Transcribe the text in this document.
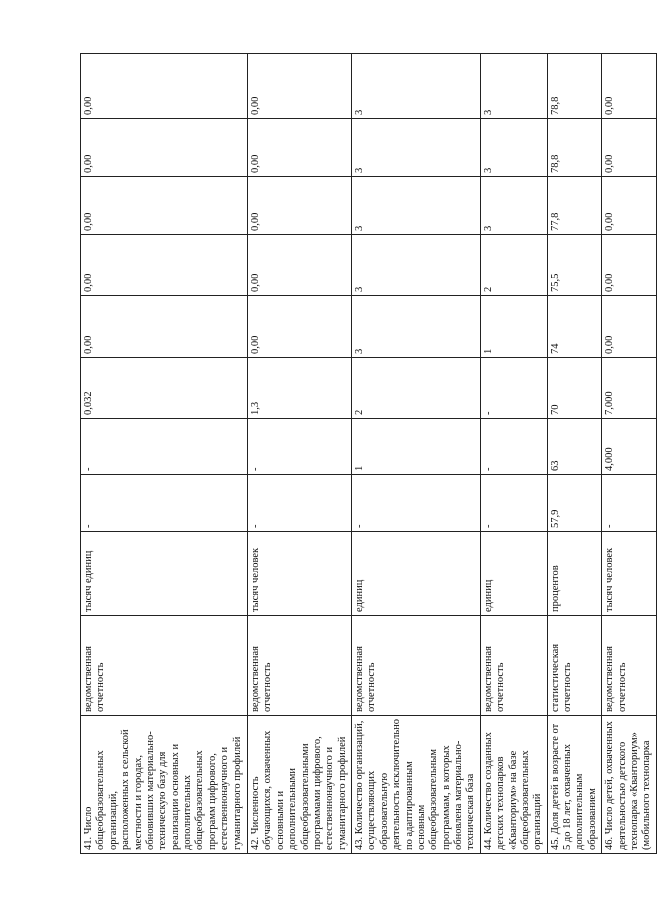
41. Число общеобразовательных организаций, расположенных в сельской местности и городах, обновивших материально-техническую базу для реализации основных и дополнительных общеобразовательных программ цифрового, естественнонаучного и гуманитарного профилей	ведомственная отчетность	тысяч единиц	-	-	0,032	0,00	0,00	0,00	0,00	0,00
42. Численность обучающихся, охваченных основными и дополнительными общеобразовательными программами цифрового, естественнонаучного и гуманитарного профилей	ведомственная отчетность	тысяч человек	-	-	1,3	0,00	0,00	0,00	0,00	0,00
43. Количество организаций, осуществляющих образовательную деятельность исключительно по адаптированным основным общеобразовательным программам, в которых обновлена материально-техническая база	ведомственная отчетность	единиц	-	1	2	3	3	3	3	3
44. Количество созданных детских технопарков «Кванториум» на базе общеобразовательных организаций	ведомственная отчетность	единиц	-	-	-	1	2	3	3	3
45. Доля детей в возрасте от 5 до 18 лет, охваченных дополнительным образованием	статистическая отчетность	процентов	57,9	63	70	74	75,5	77,8	78,8	78,8
46. Число детей, охваченных деятельностью детского технопарка «Кванториум» (мобильного технопарка	ведомственная отчетность	тысяч человек	-	4,000	7,000	0,00	0,00	0,00	0,00	0,00
